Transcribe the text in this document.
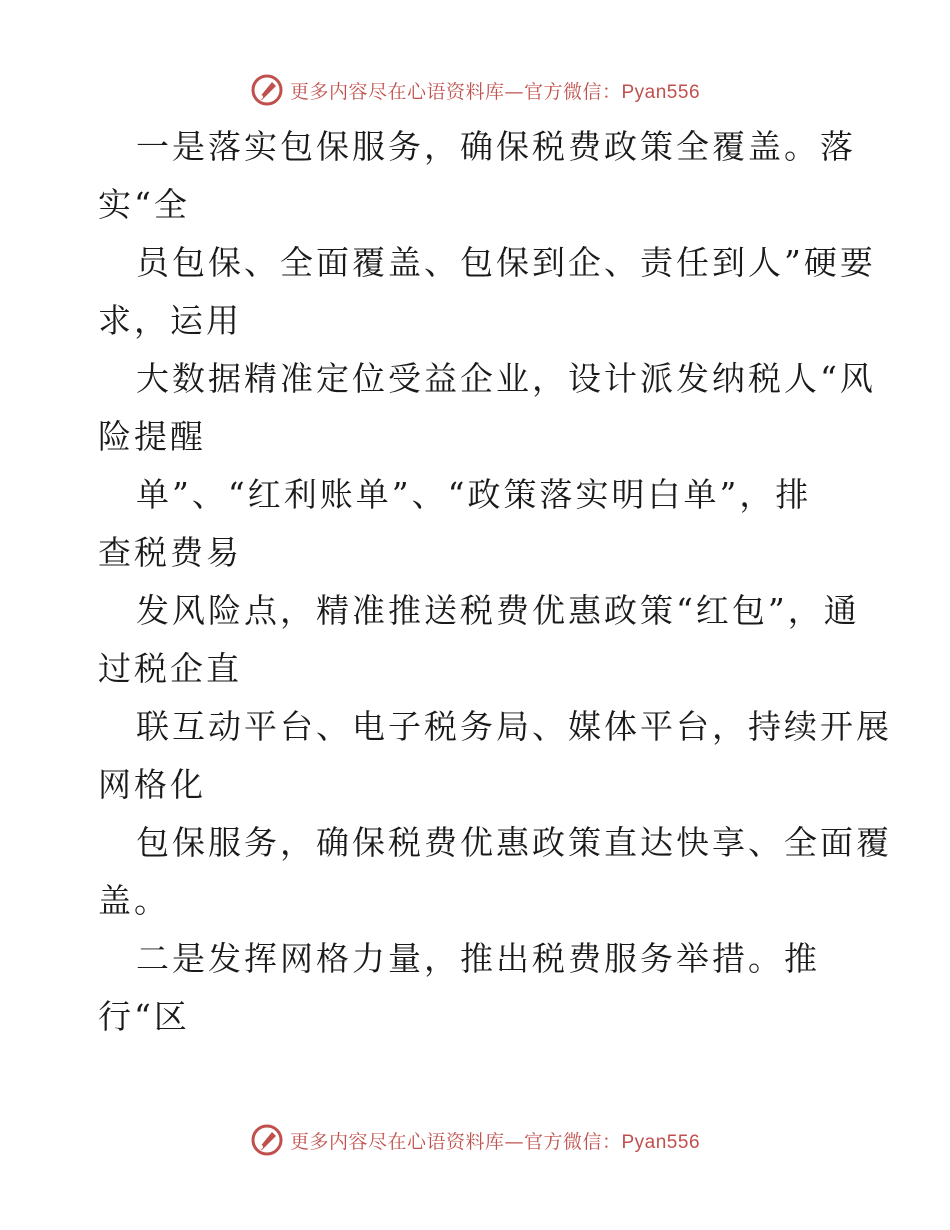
更多内容尽在心语资料库—官方微信：Pyan556
一是落实包保服务，确保税费政策全覆盖。落
实“全
员包保、全面覆盖、包保到企、责任到人”硬要
求，运用
大数据精准定位受益企业，设计派发纳税人“风
险提醒
单”、“红利账单”、“政策落实明白单”，排
查税费易
发风险点，精准推送税费优惠政策“红包”，通
过税企直
联互动平台、电子税务局、媒体平台，持续开展
网格化
包保服务，确保税费优惠政策直达快享、全面覆
盖。
二是发挥网格力量，推出税费服务举措。推
行“区
更多内容尽在心语资料库—官方微信：Pyan556
